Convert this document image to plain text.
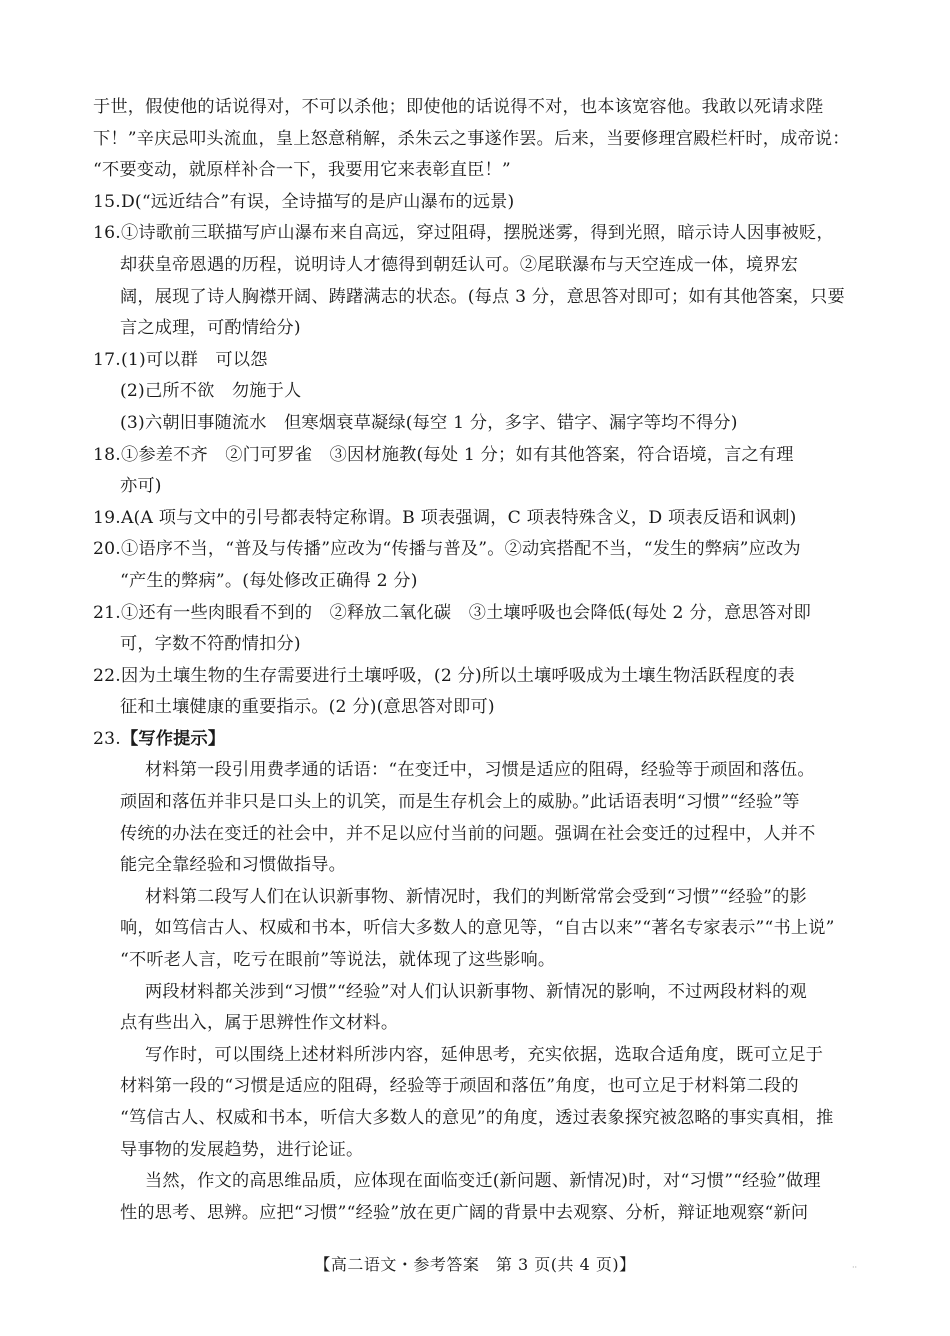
于世，假使他的话说得对，不可以杀他；即使他的话说得不对，也本该宽容他。我敢以死请求陛
下！”辛庆忌叩头流血，皇上怒意稍解，杀朱云之事遂作罢。后来，当要修理宫殿栏杆时，成帝说：
“不要变动，就原样补合一下，我要用它来表彰直臣！”
15.D(“远近结合”有误，全诗描写的是庐山瀑布的远景)
16.①诗歌前三联描写庐山瀑布来自高远，穿过阻碍，摆脱迷雾，得到光照，暗示诗人因事被贬，
却获皇帝恩遇的历程，说明诗人才德得到朝廷认可。②尾联瀑布与天空连成一体，境界宏
阔，展现了诗人胸襟开阔、踌躇满志的状态。(每点 3 分，意思答对即可；如有其他答案，只要
言之成理，可酌情给分)
17.(1)可以群　可以怨
(2)己所不欲　勿施于人
(3)六朝旧事随流水　但寒烟衰草凝绿(每空 1 分，多字、错字、漏字等均不得分)
18.①参差不齐　②门可罗雀　③因材施教(每处 1 分；如有其他答案，符合语境，言之有理
亦可)
19.A(A 项与文中的引号都表特定称谓。B 项表强调，C 项表特殊含义，D 项表反语和讽刺)
20.①语序不当，“普及与传播”应改为“传播与普及”。②动宾搭配不当，“发生的弊病”应改为
“产生的弊病”。(每处修改正确得 2 分)
21.①还有一些肉眼看不到的　②释放二氧化碳　③土壤呼吸也会降低(每处 2 分，意思答对即
可，字数不符酌情扣分)
22.因为土壤生物的生存需要进行土壤呼吸，(2 分)所以土壤呼吸成为土壤生物活跃程度的表
征和土壤健康的重要指示。(2 分)(意思答对即可)
23.【写作提示】
材料第一段引用费孝通的话语：“在变迁中，习惯是适应的阻碍，经验等于顽固和落伍。
顽固和落伍并非只是口头上的讥笑，而是生存机会上的威胁。”此话语表明“习惯”“经验”等
传统的办法在变迁的社会中，并不足以应付当前的问题。强调在社会变迁的过程中，人并不
能完全靠经验和习惯做指导。
材料第二段写人们在认识新事物、新情况时，我们的判断常常会受到“习惯”“经验”的影
响，如笃信古人、权威和书本，听信大多数人的意见等，“自古以来”“著名专家表示”“书上说”
“不听老人言，吃亏在眼前”等说法，就体现了这些影响。
两段材料都关涉到“习惯”“经验”对人们认识新事物、新情况的影响，不过两段材料的观
点有些出入，属于思辨性作文材料。
写作时，可以围绕上述材料所涉内容，延伸思考，充实依据，选取合适角度，既可立足于
材料第一段的“习惯是适应的阻碍，经验等于顽固和落伍”角度，也可立足于材料第二段的
“笃信古人、权威和书本，听信大多数人的意见”的角度，透过表象探究被忽略的事实真相，推
导事物的发展趋势，进行论证。
当然，作文的高思维品质，应体现在面临变迁(新问题、新情况)时，对“习惯”“经验”做理
性的思考、思辨。应把“习惯”“经验”放在更广阔的背景中去观察、分析，辩证地观察“新问
【高二语文・参考答案　第 3 页(共 4 页)】	··
